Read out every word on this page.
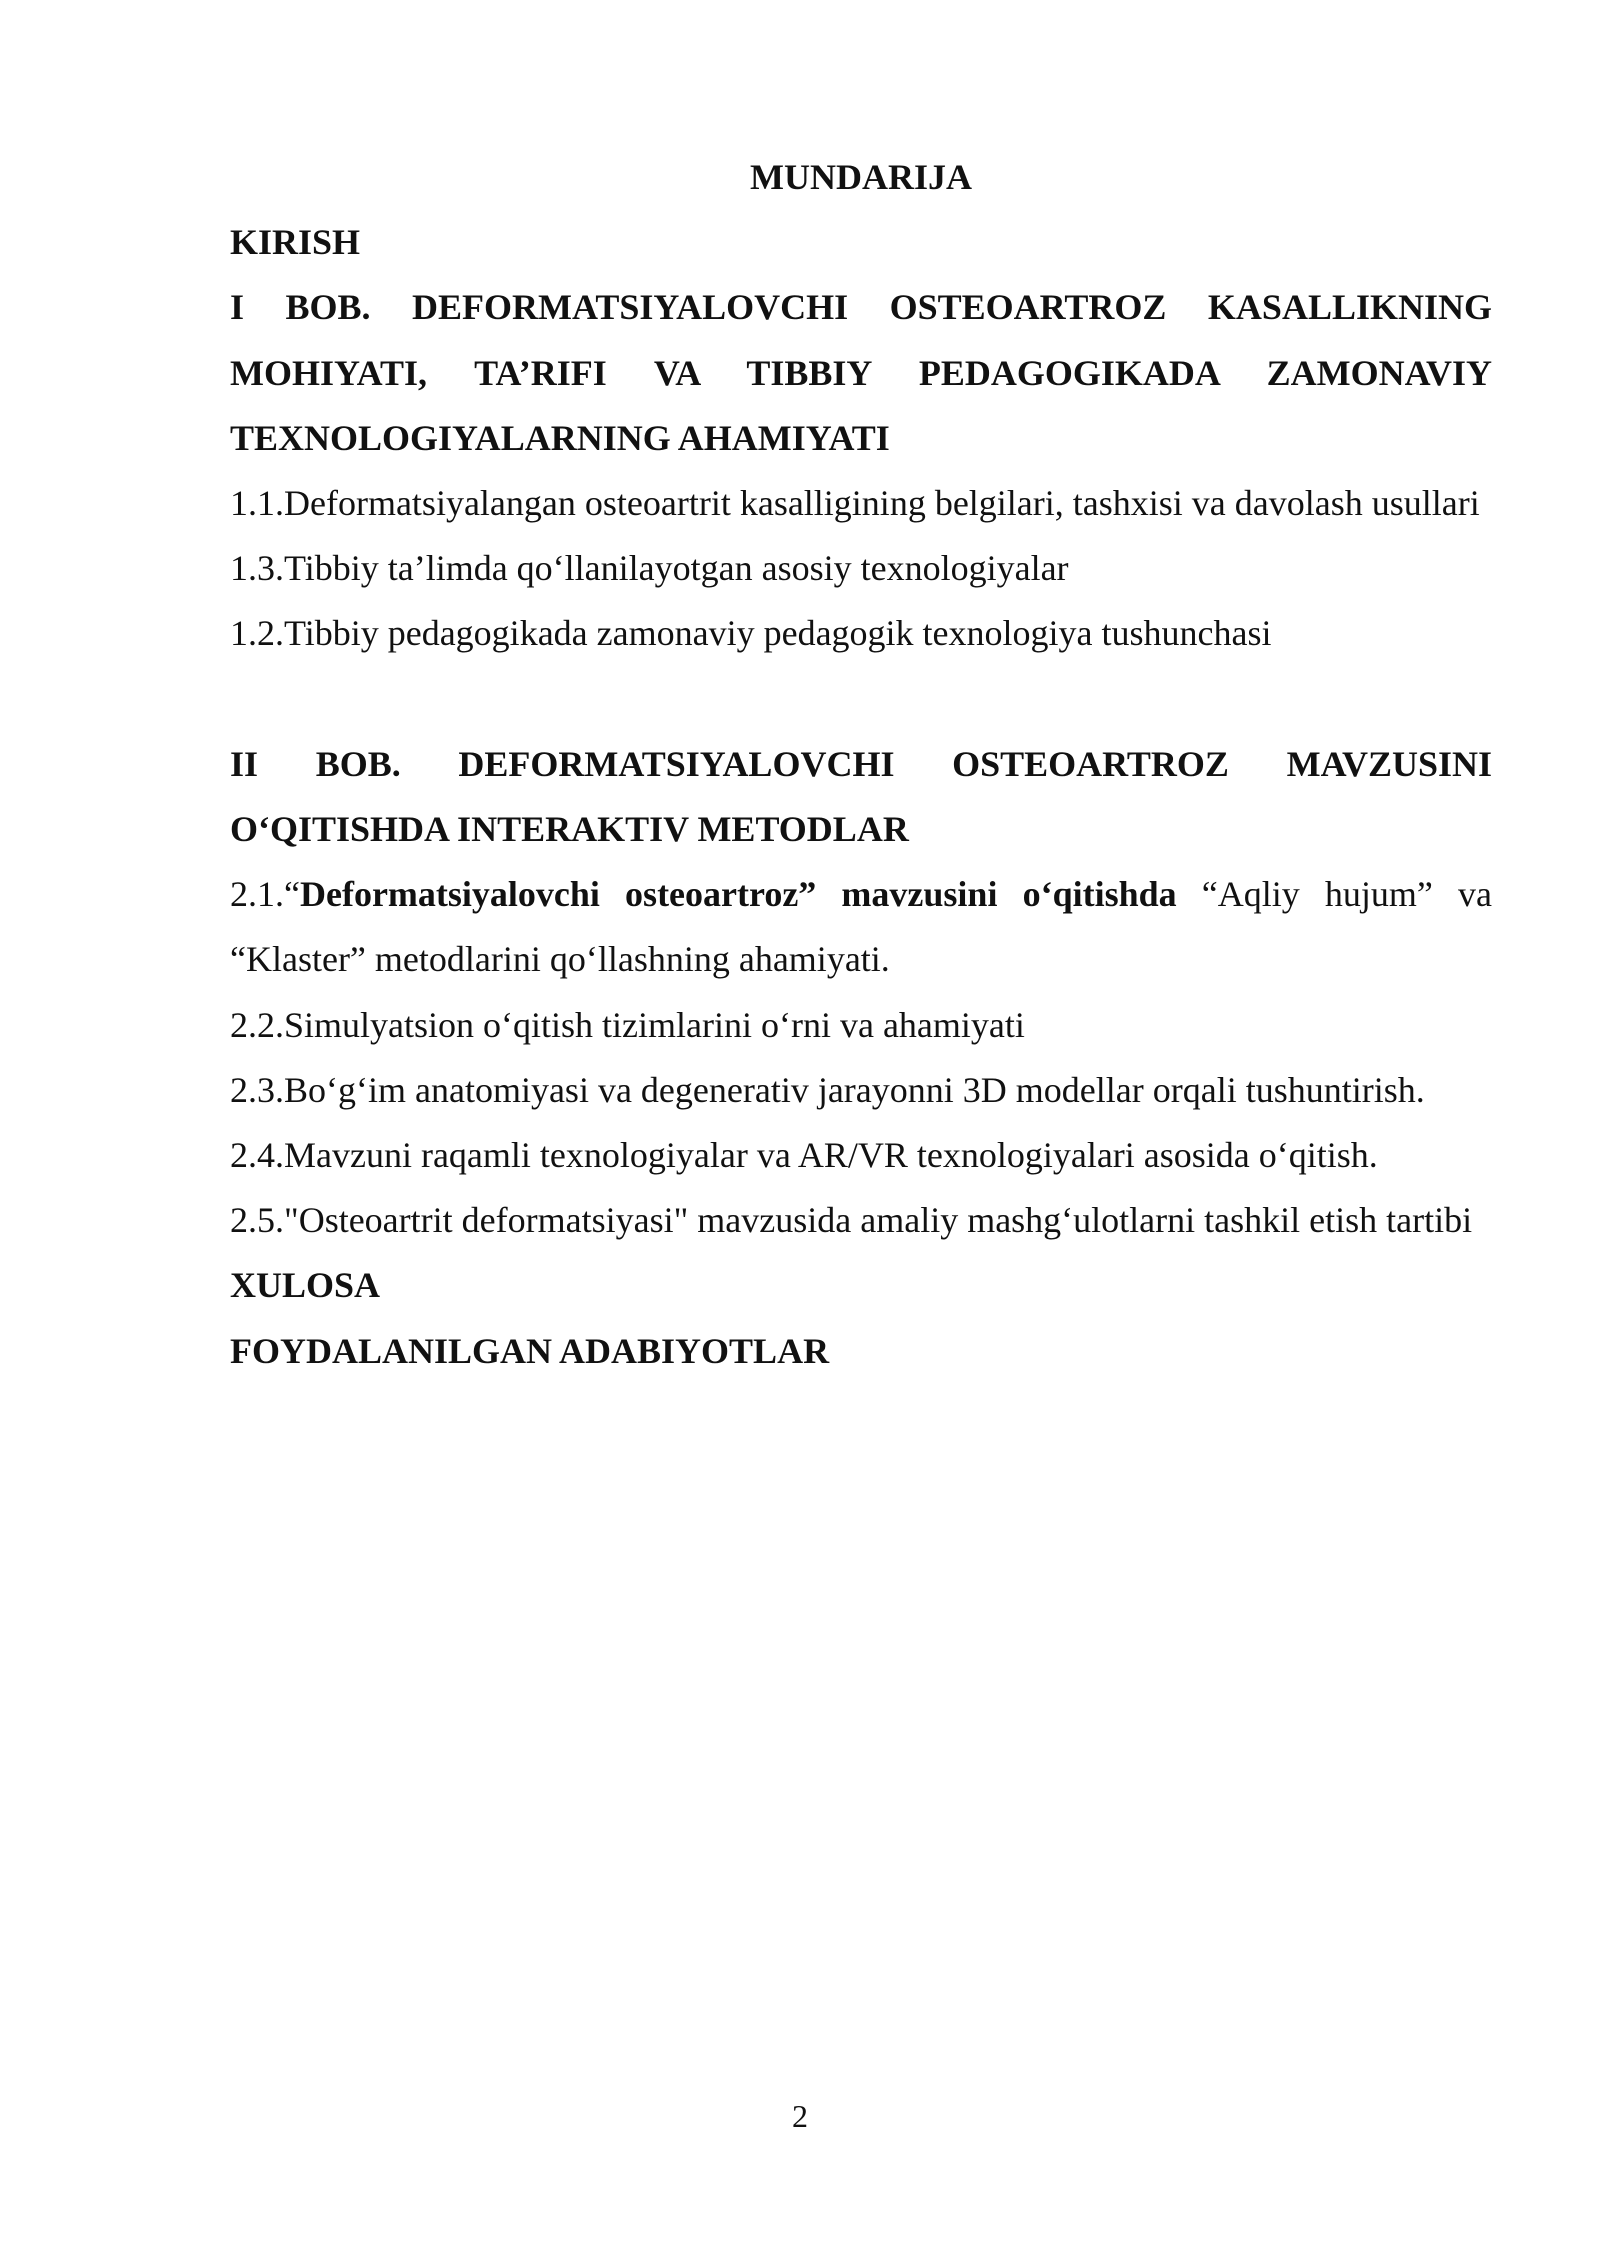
MUNDARIJA

KIRISH

I BOB. DEFORMATSIYALOVCHI OSTEOARTROZ KASALLIKNING MOHIYATI, TA’RIFI VA TIBBIY PEDAGOGIKADA ZAMONAVIY TEXNOLOGIYALARNING AHAMIYATI

1.1.Deformatsiyalangan osteoartrit kasalligining belgilari, tashxisi va davolash usullari

1.3.Tibbiy ta’limda qo‘llanilayotgan asosiy texnologiyalar

1.2.Tibbiy pedagogikada zamonaviy pedagogik texnologiya tushunchasi

II BOB. DEFORMATSIYALOVCHI OSTEOARTROZ MAVZUSINI O‘QITISHDA INTERAKTIV METODLAR

2.1.“Deformatsiyalovchi osteoartroz” mavzusini o‘qitishda “Aqliy hujum” va “Klaster” metodlarini qo‘llashning ahamiyati.

2.2.Simulyatsion o‘qitish tizimlarini o‘rni va ahamiyati

2.3.Bo‘g‘im anatomiyasi va degenerativ jarayonni 3D modellar orqali tushuntirish.

2.4.Mavzuni raqamli texnologiyalar va AR/VR texnologiyalari asosida o‘qitish.

2.5."Osteoartrit deformatsiyasi" mavzusida amaliy mashg‘ulotlarni tashkil etish tartibi

XULOSA

FOYDALANILGAN ADABIYOTLAR

2
